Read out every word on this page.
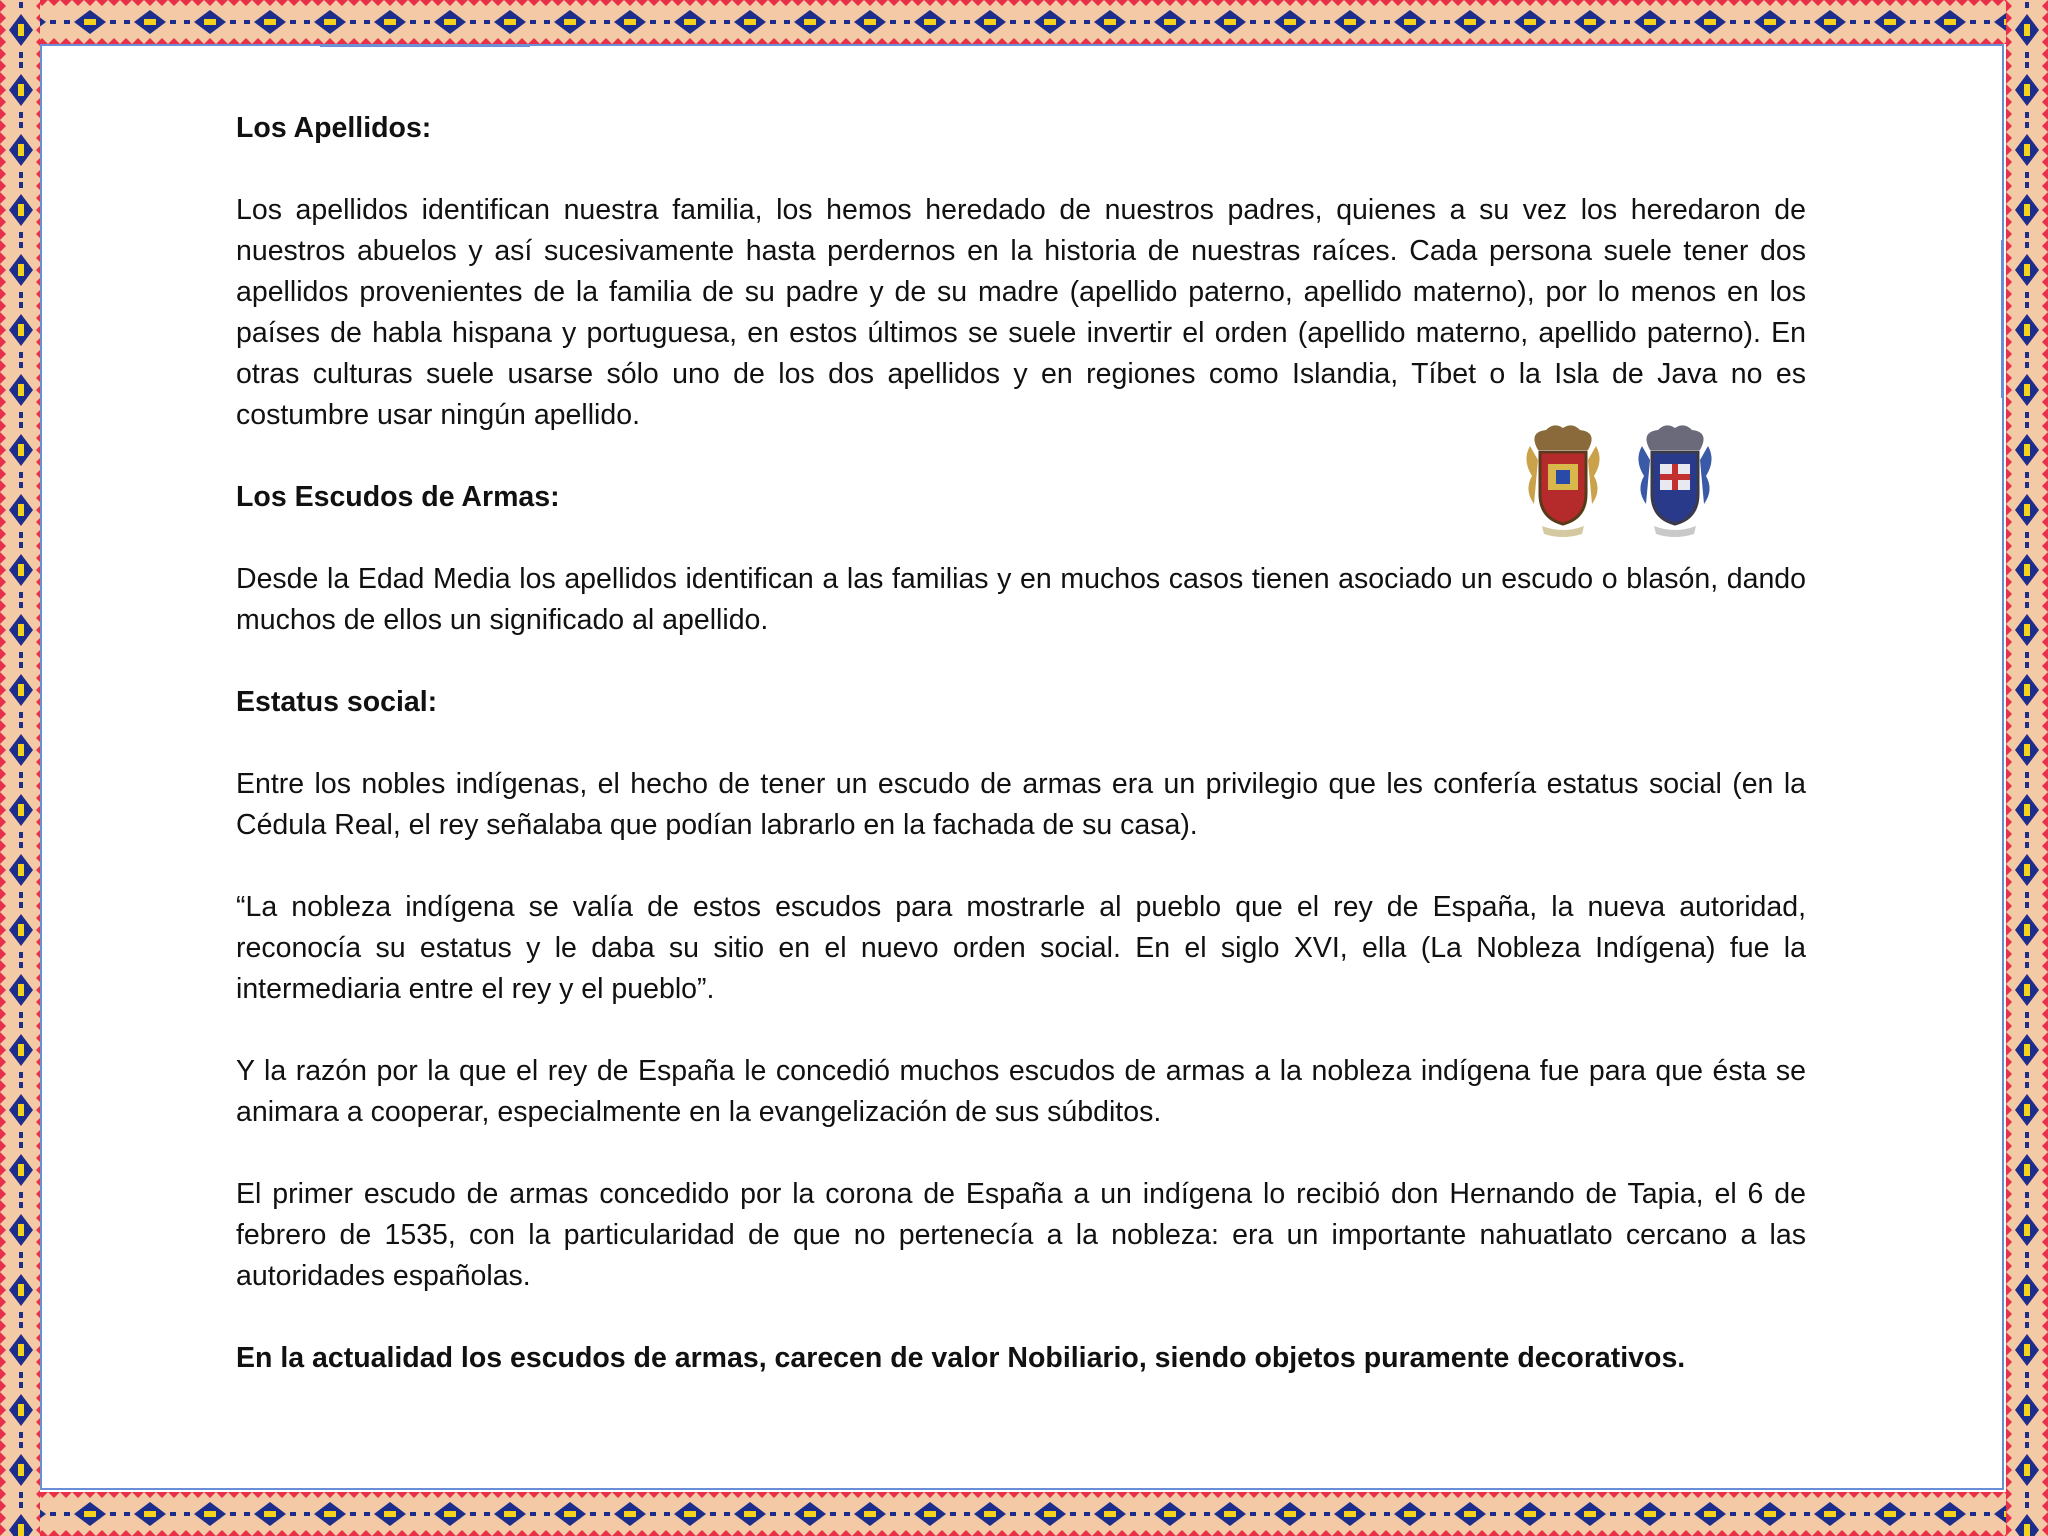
Los Apellidos:

Los apellidos identifican nuestra familia, los hemos heredado de nuestros padres, quienes a su vez los heredaron de nuestros abuelos y así sucesivamente hasta perdernos en la historia de nuestras raíces. Cada persona suele tener dos apellidos provenientes de la familia de su padre y de su madre (apellido paterno, apellido materno), por lo menos en los países de habla hispana y portuguesa, en estos últimos se suele invertir el orden (apellido materno, apellido paterno). En otras culturas suele usarse sólo uno de los dos apellidos y en regiones como Islandia, Tíbet o la Isla de Java no es costumbre usar ningún apellido.

Los Escudos de Armas:

Desde la Edad Media los apellidos identifican a las familias y en muchos casos tienen asociado un escudo o blasón, dando muchos de ellos un significado al apellido.

Estatus social:

Entre los nobles indígenas, el hecho de tener un escudo de armas era un privilegio que les confería estatus social (en la Cédula Real, el rey señalaba que podían labrarlo en la fachada de su casa).

“La nobleza indígena se valía de estos escudos para mostrarle al pueblo que el rey de España, la nueva autoridad, reconocía su estatus y le daba su sitio en el nuevo orden social. En el siglo XVI, ella (La Nobleza Indígena) fue la intermediaria entre el rey y el pueblo”.

Y la razón por la que el rey de España le concedió muchos escudos de armas a la nobleza indígena fue para que ésta se animara a cooperar, especialmente en la evangelización de sus súbditos.

El primer escudo de armas concedido por la corona de España a un indígena lo recibió don Hernando de Tapia, el 6 de febrero de 1535, con la particularidad de que no pertenecía a la nobleza: era un importante nahuatlato cercano a las autoridades españolas.

En la actualidad los escudos de armas, carecen de valor Nobiliario, siendo objetos puramente decorativos.
